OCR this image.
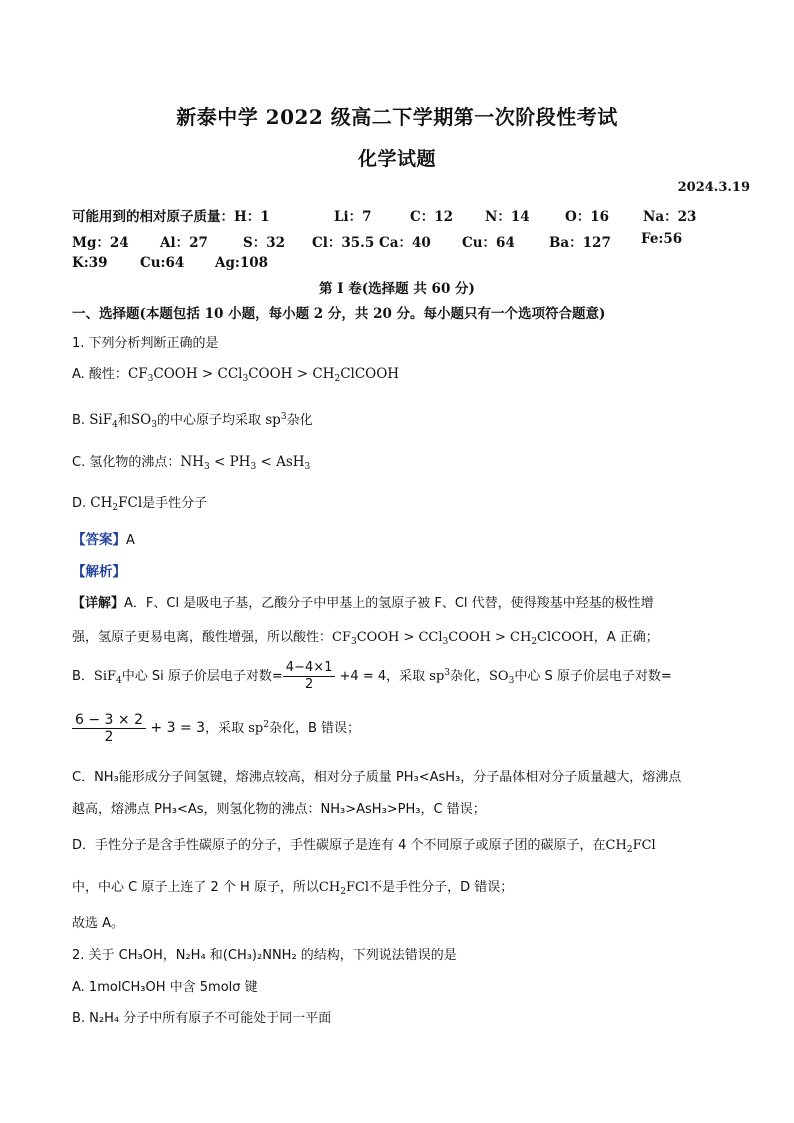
新泰中学 2022 级高二下学期第一次阶段性考试
化学试题
2024.3.19
可能用到的相对原子质量： H：1	Li：7	C：12 N：14	O：16	Na：23
Mg：24 Al：27	S：32 Cl：35.5 Ca：40 Cu：64	Ba：127 Fe:56
K:39 Cu:64 Ag:108
第 I 卷(选择题 共 60 分)
一、选择题(本题包括 10 小题，每小题 2 分，共 20 分。每小题只有一个选项符合题意)
1. 下列分析判断正确的是
A. 酸性：$CF_3COOH$ > CCl$_3$COOH > $CH_2ClCOOH$
B. SiF$_4$和$SO_3$的中心原子均采取 $sp^3$杂化
C. 氢化物的沸点：$NH_3 < PH_3 < AsH_3$
D. $CH_2FCl$是手性分子
【答案】A
【解析】
【详解】A．F、Cl 是吸电子基，乙酸分子中甲基上的氢原子被 F、Cl 代替，使得羧基中羟基的极性增
强，氢原子更易电离，酸性增强，所以酸性：$CF_3COOH$ > CCl$_3$COOH > $CH_2ClCOOH$，A 正确；
B．SiF$_4$中心 Si 原子价层电子对数= $\frac{4-4\times 1}{2} +4 = 4$，采取 $sp^3$杂化，$SO_3$中心 S 原子价层电子对数=
$\frac{6 - 3 \times 2}{2} + 3 = 3$，采取 $sp^2$杂化，B 错误；
C．NH₃能形成分子间氢键，熔沸点较高，相对分子质量 PH₃<AsH₃，分子晶体相对分子质量越大，熔沸点
越高，熔沸点 PH₃<As，则氢化物的沸点：NH₃>AsH₃>PH₃，C 错误；
D．手性分子是含手性碳原子的分子，手性碳原子是连有 4 个不同原子或原子团的碳原子，在$CH_2FCl$
中，中心 C 原子上连了 2 个 H 原子，所以$CH_2FCl$不是手性分子，D 错误；
故选 A。
2. 关于 CH₃OH，N₂H₄ 和(CH₃)₂NNH₂ 的结构，下列说法错误的是
A. 1molCH₃OH 中含 5molσ 键
B. N₂H₄ 分子中所有原子不可能处于同一平面
